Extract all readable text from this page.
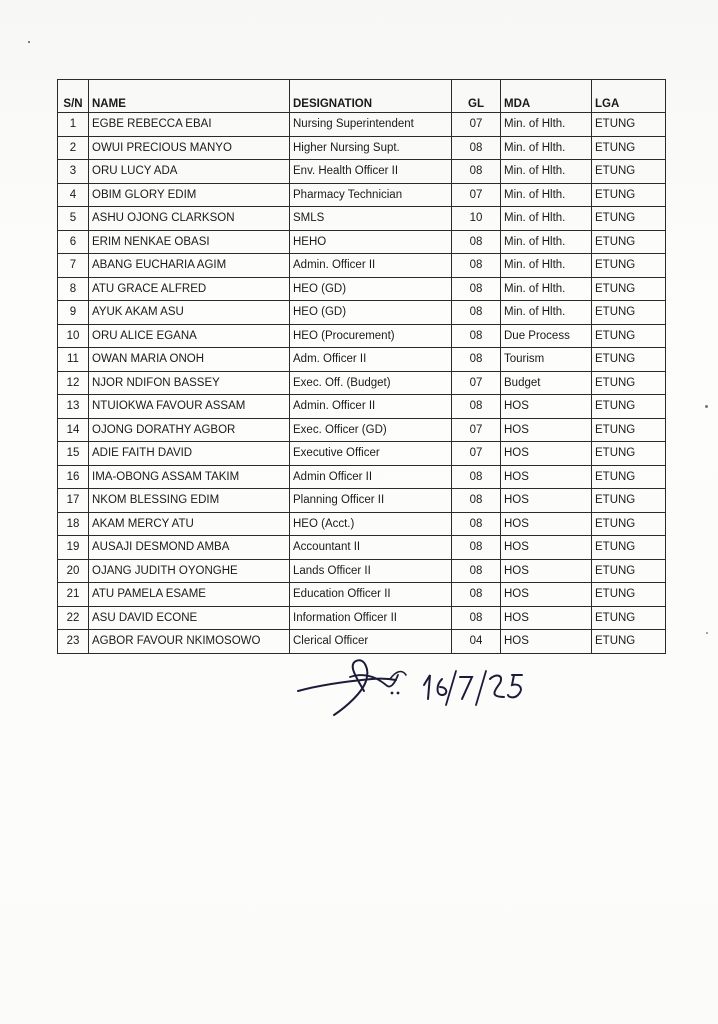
S/N	NAME	DESIGNATION	GL	MDA	LGA
1	EGBE REBECCA EBAI	Nursing Superintendent	07	Min. of Hlth.	ETUNG
2	OWUI PRECIOUS MANYO	Higher Nursing Supt.	08	Min. of Hlth.	ETUNG
3	ORU LUCY ADA	Env. Health Officer II	08	Min. of Hlth.	ETUNG
4	OBIM GLORY EDIM	Pharmacy Technician	07	Min. of Hlth.	ETUNG
5	ASHU OJONG CLARKSON	SMLS	10	Min. of Hlth.	ETUNG
6	ERIM NENKAE OBASI	HEHO	08	Min. of Hlth.	ETUNG
7	ABANG EUCHARIA AGIM	Admin. Officer II	08	Min. of Hlth.	ETUNG
8	ATU GRACE ALFRED	HEO (GD)	08	Min. of Hlth.	ETUNG
9	AYUK AKAM ASU	HEO (GD)	08	Min. of Hlth.	ETUNG
10	ORU ALICE EGANA	HEO (Procurement)	08	Due Process	ETUNG
11	OWAN MARIA ONOH	Adm. Officer II	08	Tourism	ETUNG
12	NJOR NDIFON BASSEY	Exec. Off. (Budget)	07	Budget	ETUNG
13	NTUIOKWA FAVOUR ASSAM	Admin. Officer II	08	HOS	ETUNG
14	OJONG DORATHY AGBOR	Exec. Officer (GD)	07	HOS	ETUNG
15	ADIE FAITH DAVID	Executive Officer	07	HOS	ETUNG
16	IMA-OBONG ASSAM TAKIM	Admin Officer II	08	HOS	ETUNG
17	NKOM BLESSING EDIM	Planning Officer II	08	HOS	ETUNG
18	AKAM MERCY ATU	HEO (Acct.)	08	HOS	ETUNG
19	AUSAJI DESMOND AMBA	Accountant II	08	HOS	ETUNG
20	OJANG JUDITH OYONGHE	Lands Officer II	08	HOS	ETUNG
21	ATU PAMELA ESAME	Education Officer II	08	HOS	ETUNG
22	ASU DAVID ECONE	Information Officer II	08	HOS	ETUNG
23	AGBOR FAVOUR NKIMOSOWO	Clerical Officer	04	HOS	ETUNG
